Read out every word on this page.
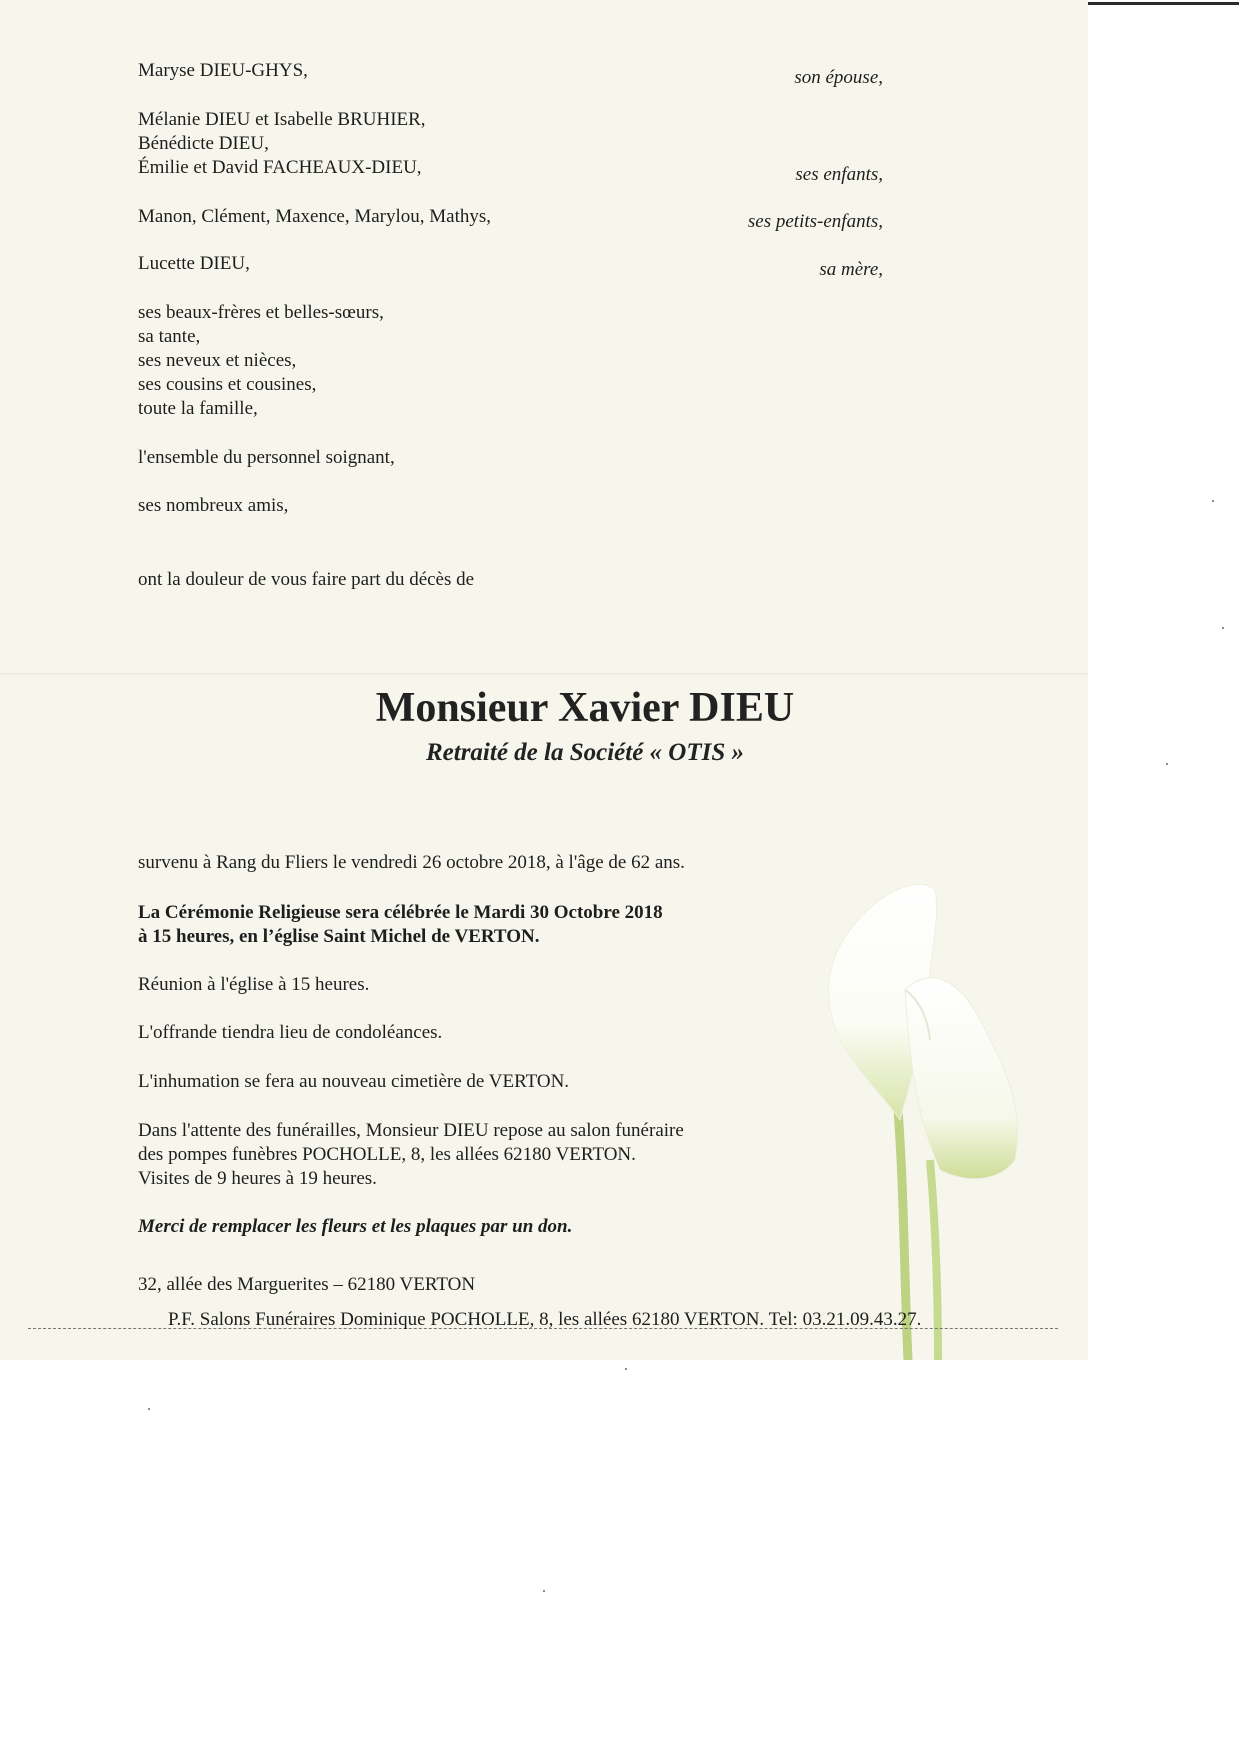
Maryse DIEU-GHYS,	son épouse,
Mélanie DIEU et Isabelle BRUHIER,
Bénédicte DIEU,
Émilie et David FACHEAUX-DIEU,	ses enfants,
Manon, Clément, Maxence, Marylou, Mathys,	ses petits-enfants,
Lucette DIEU,	sa mère,
ses beaux-frères et belles-sœurs,
sa tante,
ses neveux et nièces,
ses cousins et cousines,
toute la famille,
l'ensemble du personnel soignant,
ses nombreux amis,
ont la douleur de vous faire part du décès de
Monsieur Xavier DIEU
Retraité de la Société « OTIS »
survenu à Rang du Fliers le vendredi 26 octobre 2018, à l'âge de 62 ans.
La Cérémonie Religieuse sera célébrée le Mardi 30 Octobre 2018
à 15 heures, en l’église Saint Michel de VERTON.
Réunion à l'église à 15 heures.
L'offrande tiendra lieu de condoléances.
L'inhumation se fera au nouveau cimetière de VERTON.
Dans l'attente des funérailles, Monsieur DIEU repose au salon funéraire
des pompes funèbres POCHOLLE, 8, les allées 62180 VERTON.
Visites de 9 heures à 19 heures.
Merci de remplacer les fleurs et les plaques par un don.
32, allée des Marguerites – 62180 VERTON
P.F. Salons Funéraires Dominique POCHOLLE, 8, les allées 62180 VERTON. Tel: 03.21.09.43.27.
